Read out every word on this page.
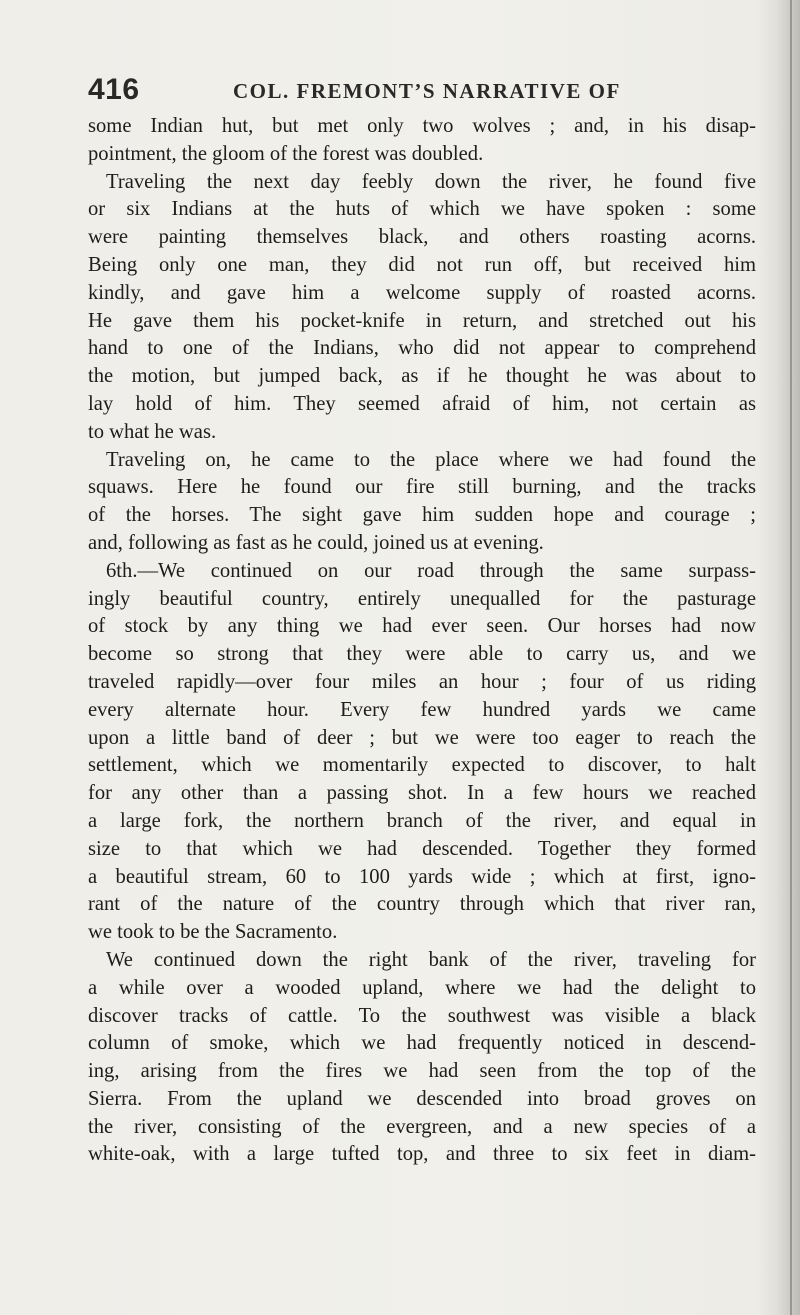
416	COL. FREMONT’S NARRATIVE OF
some Indian hut, but met only two wolves ; and, in his disap-
pointment, the gloom of the forest was doubled.
Traveling the next day feebly down the river, he found five
or six Indians at the huts of which we have spoken : some
were painting themselves black, and others roasting acorns.
Being only one man, they did not run off, but received him
kindly, and gave him a welcome supply of roasted acorns.
He gave them his pocket-knife in return, and stretched out his
hand to one of the Indians, who did not appear to comprehend
the motion, but jumped back, as if he thought he was about to
lay hold of him. They seemed afraid of him, not certain as
to what he was.
Traveling on, he came to the place where we had found the
squaws. Here he found our fire still burning, and the tracks
of the horses. The sight gave him sudden hope and courage ;
and, following as fast as he could, joined us at evening.
6th.—We continued on our road through the same surpass-
ingly beautiful country, entirely unequalled for the pasturage
of stock by any thing we had ever seen. Our horses had now
become so strong that they were able to carry us, and we
traveled rapidly—over four miles an hour ; four of us riding
every alternate hour. Every few hundred yards we came
upon a little band of deer ; but we were too eager to reach the
settlement, which we momentarily expected to discover, to halt
for any other than a passing shot. In a few hours we reached
a large fork, the northern branch of the river, and equal in
size to that which we had descended. Together they formed
a beautiful stream, 60 to 100 yards wide ; which at first, igno-
rant of the nature of the country through which that river ran,
we took to be the Sacramento.
We continued down the right bank of the river, traveling for
a while over a wooded upland, where we had the delight to
discover tracks of cattle. To the southwest was visible a black
column of smoke, which we had frequently noticed in descend-
ing, arising from the fires we had seen from the top of the
Sierra. From the upland we descended into broad groves on
the river, consisting of the evergreen, and a new species of a
white-oak, with a large tufted top, and three to six feet in diam-
